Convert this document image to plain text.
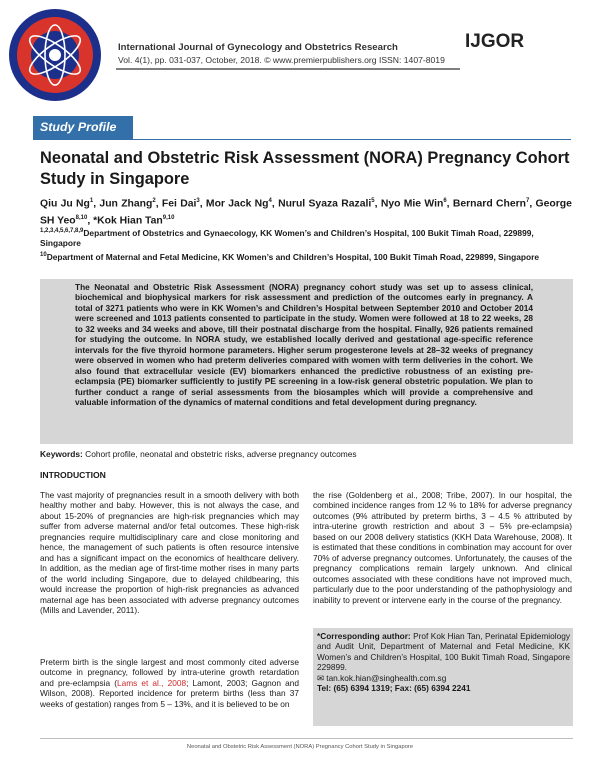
International Journal of Gynecology and Obstetrics Research
Vol. 4(1), pp. 031-037, October, 2018. © www.premierpublishers.org ISSN: 1407-8019
IJGOR
Study Profile
Neonatal and Obstetric Risk Assessment (NORA) Pregnancy Cohort Study in Singapore
Qiu Ju Ng$^1$, Jun Zhang$^2$, Fei Dai$^3$, Mor Jack Ng$^4$, Nurul Syaza Razali$^5$, Nyo Mie Win$^6$, Bernard Chern$^7$, George SH Yeo$^{8,10}$, *Kok Hian Tan$^{9,10}$
$^{1,2,3,4,5,6,7,8,9}$Department of Obstetrics and Gynaecology, KK Women’s and Children’s Hospital, 100 Bukit Timah Road, 229899, Singapore
$^{10}$Department of Maternal and Fetal Medicine, KK Women’s and Children’s Hospital, 100 Bukit Timah Road, 229899, Singapore
The Neonatal and Obstetric Risk Assessment (NORA) pregnancy cohort study was set up to assess clinical, biochemical and biophysical markers for risk assessment and prediction of the outcomes early in pregnancy. A total of 3271 patients who were in KK Women’s and Children’s Hospital between September 2010 and October 2014 were screened and 1013 patients consented to participate in the study. Women were followed at 18 to 22 weeks, 28 to 32 weeks and 34 weeks and above, till their postnatal discharge from the hospital. Finally, 926 patients remained for studying the outcome. In NORA study, we established locally derived and gestational age-specific reference intervals for the five thyroid hormone parameters. Higher serum progesterone levels at 28–32 weeks of pregnancy were observed in women who had preterm deliveries compared with women with term deliveries in the cohort. We also found that extracellular vesicle (EV) biomarkers enhanced the predictive robustness of an existing pre-eclampsia (PE) biomarker sufficiently to justify PE screening in a low-risk general obstetric population. We plan to further conduct a range of serial assessments from the biosamples which will provide a comprehensive and valuable information of the dynamics of maternal conditions and fetal development during pregnancy.
Keywords: Cohort profile, neonatal and obstetric risks, adverse pregnancy outcomes
INTRODUCTION

The vast majority of pregnancies result in a smooth delivery with both healthy mother and baby. However, this is not always the case, and about 15-20% of pregnancies are high-risk pregnancies which may suffer from adverse maternal and/or fetal outcomes. These high-risk pregnancies require multidisciplinary care and close monitoring and hence, the management of such patients is often resource intensive and has a significant impact on the economics of healthcare delivery. In addition, as the median age of first-time mother rises in many parts of the world including Singapore, due to delayed childbearing, this would increase the proportion of high-risk pregnancies as advanced maternal age has been associated with adverse pregnancy outcomes (Mills and Lavender, 2011).

Preterm birth is the single largest and most commonly cited adverse outcome in pregnancy, followed by intra-uterine growth retardation and pre-eclampsia (Lams et al., 2008; Lamont, 2003; Gagnon and Wilson, 2008). Reported incidence for preterm births (less than 37 weeks of gestation) ranges from 5 – 13%, and it is believed to be on

the rise (Goldenberg et al., 2008; Tribe, 2007). In our hospital, the combined incidence ranges from 12 % to 18% for adverse pregnancy outcomes (9% attributed by preterm births, 3 – 4.5 % attributed by intra-uterine growth restriction and about 3 – 5% pre-eclampsia) based on our 2008 delivery statistics (KKH Data Warehouse, 2008). It is estimated that these conditions in combination may account for over 70% of adverse pregnancy outcomes. Unfortunately, the causes of the pregnancy complications remain largely unknown. And clinical outcomes associated with these conditions have not improved much, particularly due to the poor understanding of the pathophysiology and inability to prevent or intervene early in the course of the pregnancy.

*Corresponding author: Prof Kok Hian Tan, Perinatal Epidemiology and Audit Unit, Department of Maternal and Fetal Medicine, KK Women’s and Children’s Hospital, 100 Bukit Timah Road, Singapore 229899.
✉ tan.kok.hian@singhealth.com.sg
Tel: (65) 6394 1319; Fax: (65) 6394 2241
Neonatal and Obstetric Risk Assessment (NORA) Pregnancy Cohort Study in Singapore
